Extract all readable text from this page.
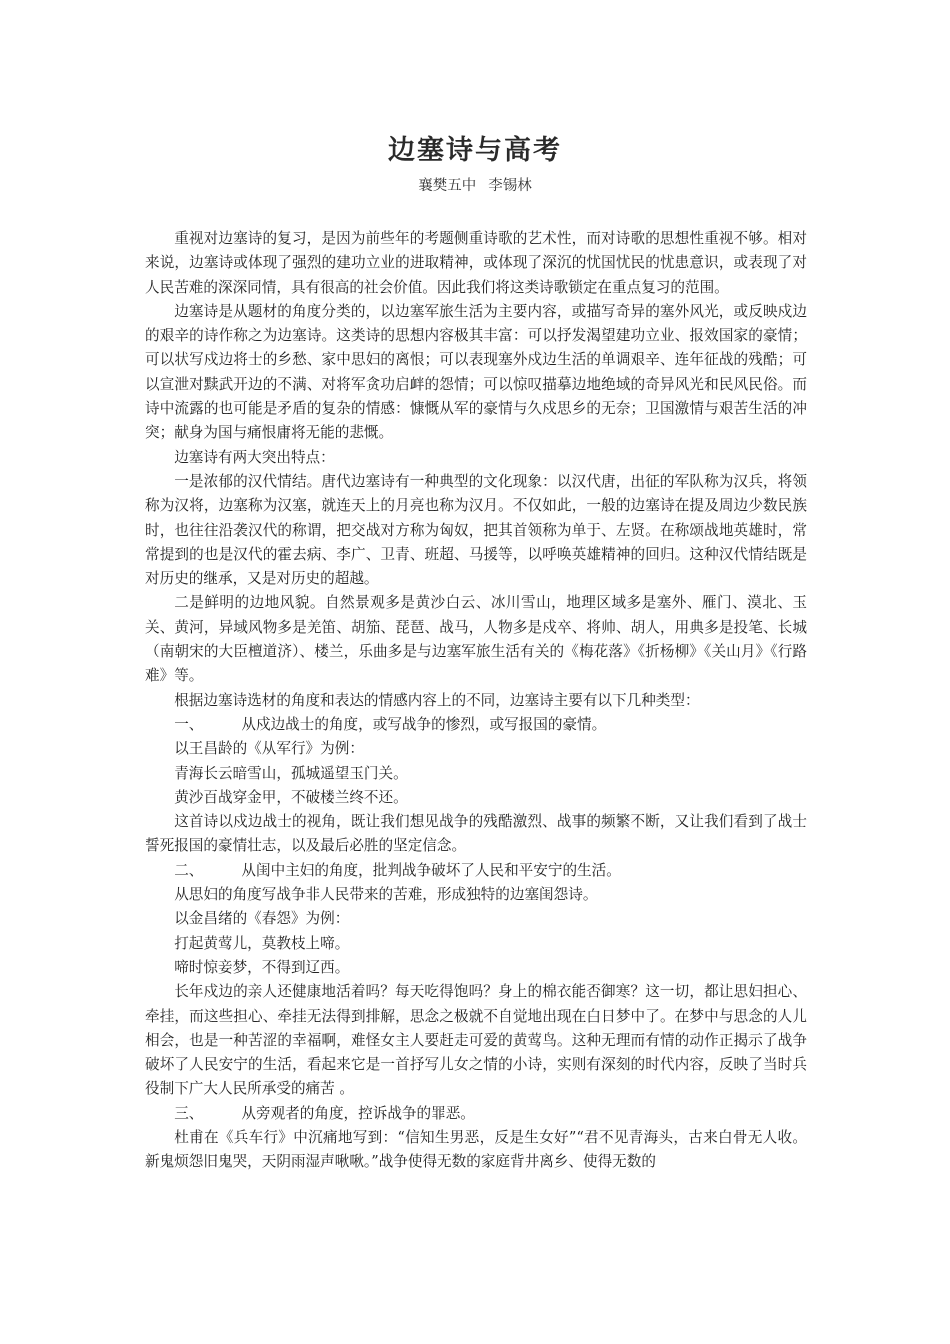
边塞诗与高考
襄樊五中 李锡林

重视对边塞诗的复习，是因为前些年的考题侧重诗歌的艺术性，而对诗歌的思想性重视不够。相对来说，边塞诗或体现了强烈的建功立业的进取精神，或体现了深沉的忧国忧民的忧患意识，或表现了对人民苦难的深深同情，具有很高的社会价值。因此我们将这类诗歌锁定在重点复习的范围。

边塞诗是从题材的角度分类的，以边塞军旅生活为主要内容，或描写奇异的塞外风光，或反映戍边的艰辛的诗作称之为边塞诗。这类诗的思想内容极其丰富：可以抒发渴望建功立业、报效国家的豪情；可以状写戍边将士的乡愁、家中思妇的离恨；可以表现塞外戍边生活的单调艰辛、连年征战的残酷；可以宣泄对黩武开边的不满、对将军贪功启衅的怨情；可以惊叹描摹边地绝域的奇异风光和民风民俗。而诗中流露的也可能是矛盾的复杂的情感：慷慨从军的豪情与久戍思乡的无奈；卫国激情与艰苦生活的冲突；献身为国与痛恨庸将无能的悲慨。

边塞诗有两大突出特点：

一是浓郁的汉代情结。唐代边塞诗有一种典型的文化现象：以汉代唐，出征的军队称为汉兵，将领称为汉将，边塞称为汉塞，就连天上的月亮也称为汉月。不仅如此，一般的边塞诗在提及周边少数民族时，也往往沿袭汉代的称谓，把交战对方称为匈奴，把其首领称为单于、左贤。在称颂战地英雄时，常常提到的也是汉代的霍去病、李广、卫青、班超、马援等，以呼唤英雄精神的回归。这种汉代情结既是对历史的继承，又是对历史的超越。

二是鲜明的边地风貌。自然景观多是黄沙白云、冰川雪山，地理区域多是塞外、雁门、漠北、玉关、黄河，异域风物多是羌笛、胡笳、琵琶、战马，人物多是戍卒、将帅、胡人，用典多是投笔、长城（南朝宋的大臣檀道济）、楼兰，乐曲多是与边塞军旅生活有关的《梅花落》《折杨柳》《关山月》《行路难》等。

根据边塞诗选材的角度和表达的情感内容上的不同，边塞诗主要有以下几种类型：

一、	从戍边战士的角度，或写战争的惨烈，或写报国的豪情。

以王昌龄的《从军行》为例：

青海长云暗雪山，孤城遥望玉门关。

黄沙百战穿金甲，不破楼兰终不还。

这首诗以戍边战士的视角，既让我们想见战争的残酷激烈、战事的频繁不断，又让我们看到了战士誓死报国的豪情壮志，以及最后必胜的坚定信念。

二、	从闺中主妇的角度，批判战争破坏了人民和平安宁的生活。

从思妇的角度写战争非人民带来的苦难，形成独特的边塞闺怨诗。

以金昌绪的《春怨》为例：

打起黄莺儿，莫教枝上啼。

啼时惊妾梦，不得到辽西。

长年戍边的亲人还健康地活着吗？每天吃得饱吗？身上的棉衣能否御寒？这一切，都让思妇担心、牵挂，而这些担心、牵挂无法得到排解，思念之极就不自觉地出现在白日梦中了。在梦中与思念的人儿相会，也是一种苦涩的幸福啊，难怪女主人要赶走可爱的黄莺鸟。这种无理而有情的动作正揭示了战争破坏了人民安宁的生活，看起来它是一首抒写儿女之情的小诗，实则有深刻的时代内容，反映了当时兵役制下广大人民所承受的痛苦 。

三、	从旁观者的角度，控诉战争的罪恶。

杜甫在《兵车行》中沉痛地写到：“信知生男恶，反是生女好”“君不见青海头，古来白骨无人收。新鬼烦怨旧鬼哭，天阴雨湿声啾啾。”战争使得无数的家庭背井离乡、使得无数的
